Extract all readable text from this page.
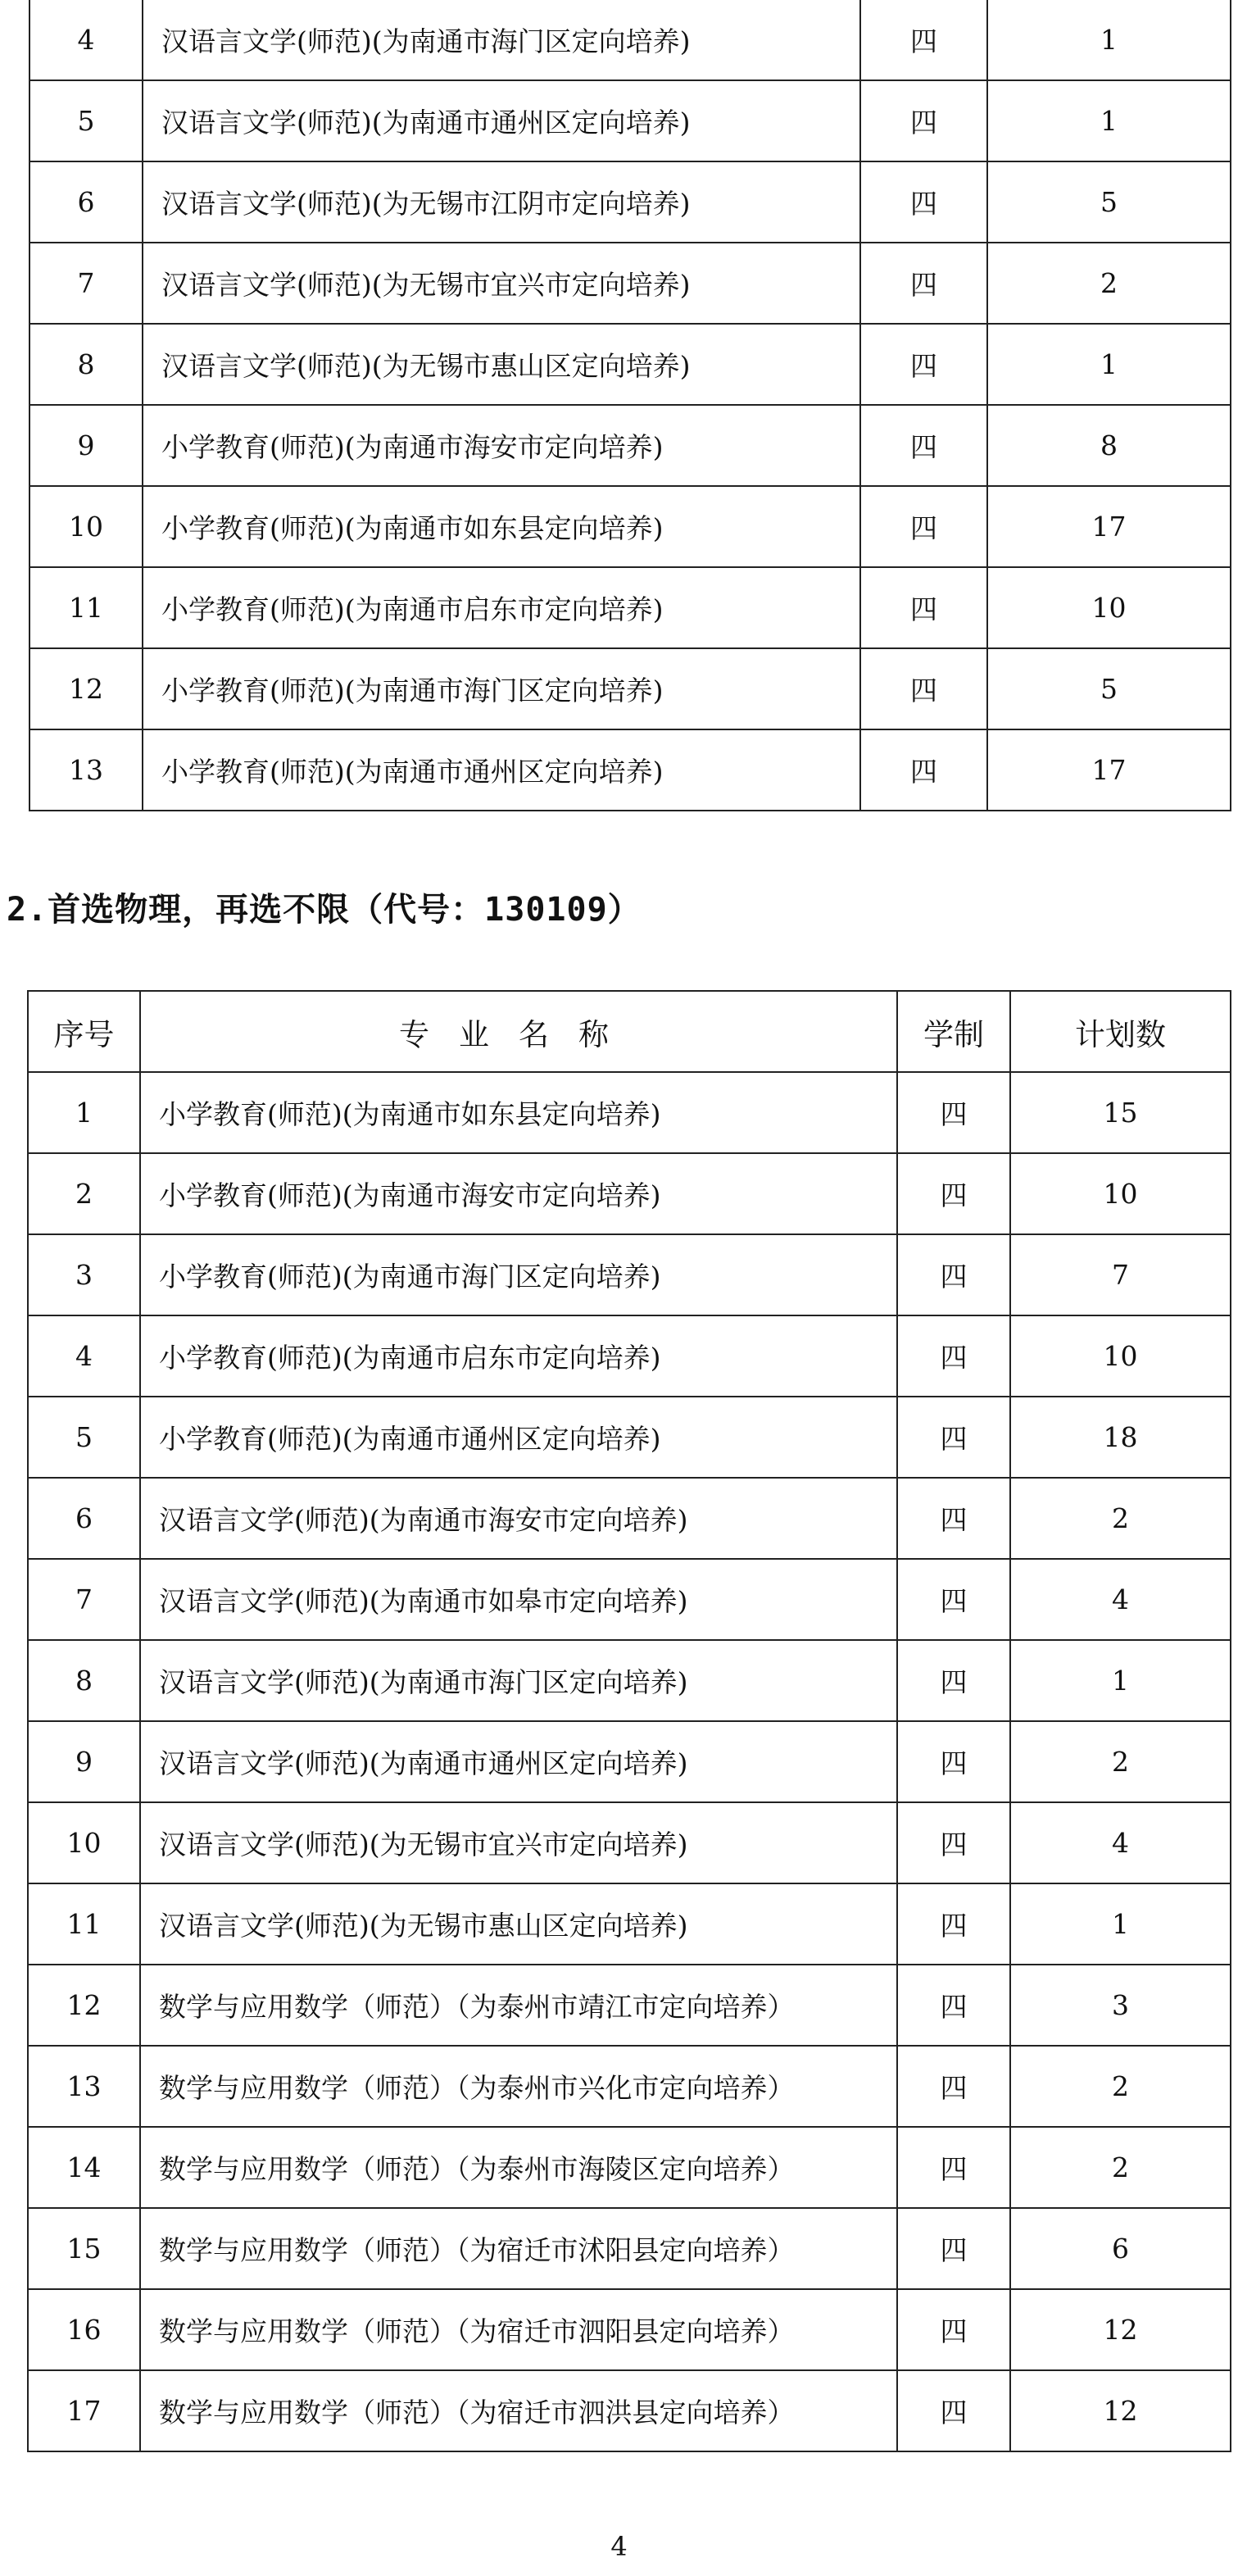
4	汉语言文学(师范)(为南通市海门区定向培养)	四	1
5	汉语言文学(师范)(为南通市通州区定向培养)	四	1
6	汉语言文学(师范)(为无锡市江阴市定向培养)	四	5
7	汉语言文学(师范)(为无锡市宜兴市定向培养)	四	2
8	汉语言文学(师范)(为无锡市惠山区定向培养)	四	1
9	小学教育(师范)(为南通市海安市定向培养)	四	8
10	小学教育(师范)(为南通市如东县定向培养)	四	17
11	小学教育(师范)(为南通市启东市定向培养)	四	10
12	小学教育(师范)(为南通市海门区定向培养)	四	5
13	小学教育(师范)(为南通市通州区定向培养)	四	17
2.首选物理，再选不限（代号：130109）
序号	专业名称	学制	计划数
1	小学教育(师范)(为南通市如东县定向培养)	四	15
2	小学教育(师范)(为南通市海安市定向培养)	四	10
3	小学教育(师范)(为南通市海门区定向培养)	四	7
4	小学教育(师范)(为南通市启东市定向培养)	四	10
5	小学教育(师范)(为南通市通州区定向培养)	四	18
6	汉语言文学(师范)(为南通市海安市定向培养)	四	2
7	汉语言文学(师范)(为南通市如皋市定向培养)	四	4
8	汉语言文学(师范)(为南通市海门区定向培养)	四	1
9	汉语言文学(师范)(为南通市通州区定向培养)	四	2
10	汉语言文学(师范)(为无锡市宜兴市定向培养)	四	4
11	汉语言文学(师范)(为无锡市惠山区定向培养)	四	1
12	数学与应用数学（师范）（为泰州市靖江市定向培养）	四	3
13	数学与应用数学（师范）（为泰州市兴化市定向培养）	四	2
14	数学与应用数学（师范）（为泰州市海陵区定向培养）	四	2
15	数学与应用数学（师范）（为宿迁市沭阳县定向培养）	四	6
16	数学与应用数学（师范）（为宿迁市泗阳县定向培养）	四	12
17	数学与应用数学（师范）（为宿迁市泗洪县定向培养）	四	12
4
